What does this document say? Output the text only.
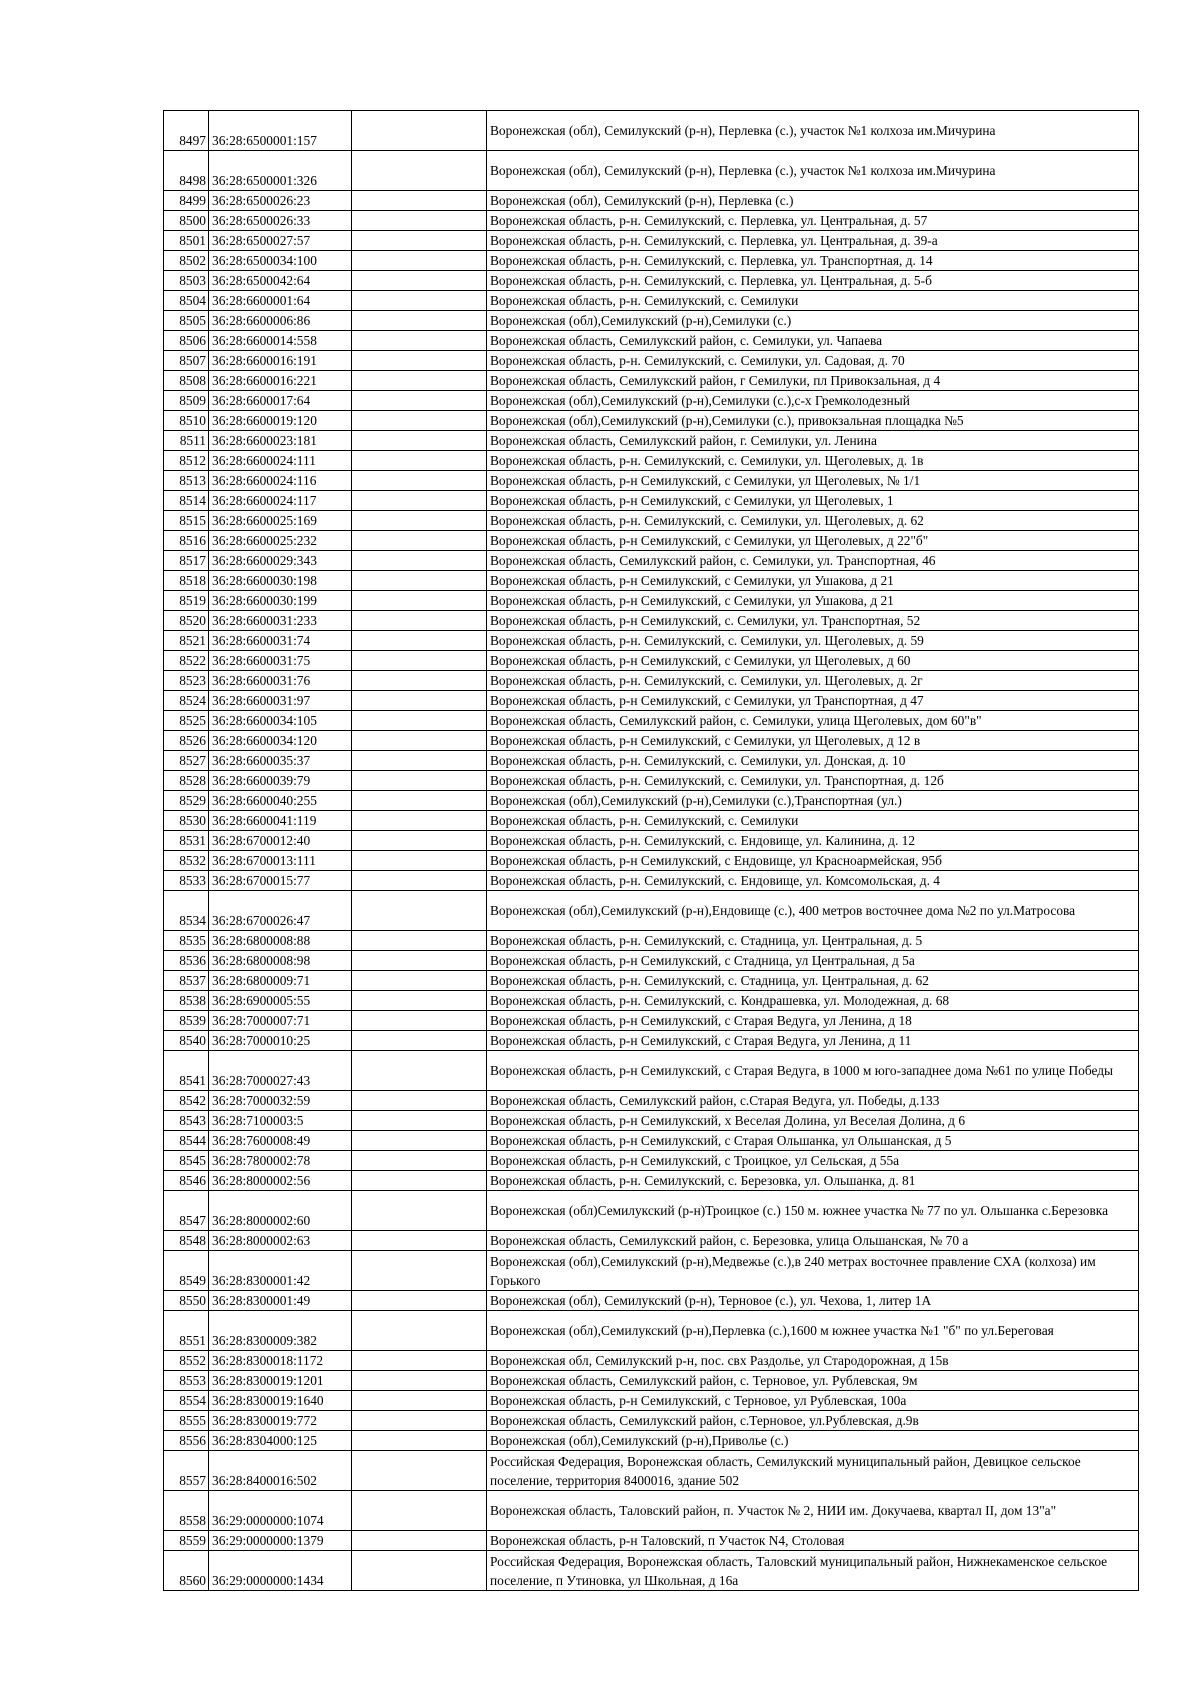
8497	36:28:6500001:157		Воронежская (обл), Семилукский (р-н), Перлевка (с.), участок №1 колхоза им.Мичурина
8498	36:28:6500001:326		Воронежская (обл), Семилукский (р-н), Перлевка (с.), участок №1 колхоза им.Мичурина
8499	36:28:6500026:23		Воронежская (обл), Семилукский (р-н), Перлевка (с.)
8500	36:28:6500026:33		Воронежская область, р-н. Семилукский, с. Перлевка, ул. Центральная, д. 57
8501	36:28:6500027:57		Воронежская область, р-н. Семилукский, с. Перлевка, ул. Центральная, д. 39-а
8502	36:28:6500034:100		Воронежская область, р-н. Семилукский, с. Перлевка, ул. Транспортная, д. 14
8503	36:28:6500042:64		Воронежская область, р-н. Семилукский, с. Перлевка, ул. Центральная, д. 5-б
8504	36:28:6600001:64		Воронежская область, р-н. Семилукский, с. Семилуки
8505	36:28:6600006:86		Воронежская (обл),Семилукский (р-н),Семилуки (с.)
8506	36:28:6600014:558		Воронежская область, Семилукский район, с. Семилуки, ул. Чапаева
8507	36:28:6600016:191		Воронежская область, р-н. Семилукский, с. Семилуки, ул. Садовая, д. 70
8508	36:28:6600016:221		Воронежская область, Семилукский район, г Семилуки, пл Привокзальная, д 4
8509	36:28:6600017:64		Воронежская (обл),Семилукский (р-н),Семилуки (с.),с-х Гремколодезный
8510	36:28:6600019:120		Воронежская (обл),Семилукский (р-н),Семилуки (с.), привокзальная площадка №5
8511	36:28:6600023:181		Воронежская область, Семилукский район, г. Семилуки, ул. Ленина
8512	36:28:6600024:111		Воронежская область, р-н. Семилукский, с. Семилуки, ул. Щеголевых, д. 1в
8513	36:28:6600024:116		Воронежская область, р-н Семилукский, с Семилуки, ул Щеголевых, № 1/1
8514	36:28:6600024:117		Воронежская область, р-н Семилукский, с Семилуки, ул Щеголевых, 1
8515	36:28:6600025:169		Воронежская область, р-н. Семилукский, с. Семилуки, ул. Щеголевых, д. 62
8516	36:28:6600025:232		Воронежская область, р-н Семилукский, с Семилуки, ул Щеголевых, д 22"б"
8517	36:28:6600029:343		Воронежская область, Семилукский район, с. Семилуки, ул. Транспортная, 46
8518	36:28:6600030:198		Воронежская область, р-н Семилукский, с Семилуки, ул Ушакова, д 21
8519	36:28:6600030:199		Воронежская область, р-н Семилукский, с Семилуки, ул Ушакова, д 21
8520	36:28:6600031:233		Воронежская область, р-н Семилукский, с. Семилуки, ул. Транспортная, 52
8521	36:28:6600031:74		Воронежская область, р-н. Семилукский, с. Семилуки, ул. Щеголевых, д. 59
8522	36:28:6600031:75		Воронежская область, р-н Семилукский, с Семилуки, ул Щеголевых, д 60
8523	36:28:6600031:76		Воронежская область, р-н. Семилукский, с. Семилуки, ул. Щеголевых, д. 2г
8524	36:28:6600031:97		Воронежская область, р-н Семилукский, с Семилуки, ул Транспортная, д 47
8525	36:28:6600034:105		Воронежская область, Семилукский район, с. Семилуки, улица Щеголевых, дом 60"в"
8526	36:28:6600034:120		Воронежская область, р-н Семилукский, с Семилуки, ул Щеголевых, д 12 в
8527	36:28:6600035:37		Воронежская область, р-н. Семилукский, с. Семилуки, ул. Донская, д. 10
8528	36:28:6600039:79		Воронежская область, р-н. Семилукский, с. Семилуки, ул. Транспортная, д. 12б
8529	36:28:6600040:255		Воронежская (обл),Семилукский (р-н),Семилуки (с.),Транспортная (ул.)
8530	36:28:6600041:119		Воронежская область, р-н. Семилукский, с. Семилуки
8531	36:28:6700012:40		Воронежская область, р-н. Семилукский, с. Ендовище, ул. Калинина, д. 12
8532	36:28:6700013:111		Воронежская область, р-н Семилукский, с Ендовище, ул Красноармейская, 95б
8533	36:28:6700015:77		Воронежская область, р-н. Семилукский, с. Ендовище, ул. Комсомольская, д. 4
8534	36:28:6700026:47		Воронежская (обл),Семилукский (р-н),Ендовище (с.), 400 метров восточнее дома №2 по ул.Матросова
8535	36:28:6800008:88		Воронежская область, р-н. Семилукский, с. Стадница, ул. Центральная, д. 5
8536	36:28:6800008:98		Воронежская область, р-н Семилукский, с Стадница, ул Центральная, д 5а
8537	36:28:6800009:71		Воронежская область, р-н. Семилукский, с. Стадница, ул. Центральная, д. 62
8538	36:28:6900005:55		Воронежская область, р-н. Семилукский, с. Кондрашевка, ул. Молодежная, д. 68
8539	36:28:7000007:71		Воронежская область, р-н Семилукский, с Старая Ведуга, ул Ленина, д 18
8540	36:28:7000010:25		Воронежская область, р-н Семилукский, с Старая Ведуга, ул Ленина, д 11
8541	36:28:7000027:43		Воронежская область, р-н Семилукский, с Старая Ведуга, в 1000 м юго-западнее дома №61 по улице Победы
8542	36:28:7000032:59		Воронежская область, Семилукский район, с.Старая Ведуга, ул. Победы, д.133
8543	36:28:7100003:5		Воронежская область, р-н Семилукский, х Веселая Долина, ул Веселая Долина, д 6
8544	36:28:7600008:49		Воронежская область, р-н Семилукский, с Старая Ольшанка, ул Ольшанская, д 5
8545	36:28:7800002:78		Воронежская область, р-н Семилукский, с Троицкое, ул Сельская, д 55а
8546	36:28:8000002:56		Воронежская область, р-н. Семилукский, с. Березовка, ул. Ольшанка, д. 81
8547	36:28:8000002:60		Воронежская (обл)Семилукский (р-н)Троицкое (с.) 150 м. южнее участка № 77 по ул. Ольшанка с.Березовка
8548	36:28:8000002:63		Воронежская область, Семилукский район, с. Березовка, улица Ольшанская, № 70 а
8549	36:28:8300001:42		Воронежская (обл),Семилукский (р-н),Медвежье (с.),в 240 метрах восточнее правление СХА (колхоза) им Горького
8550	36:28:8300001:49		Воронежская (обл), Семилукский (р-н), Терновое (с.), ул. Чехова, 1, литер 1А
8551	36:28:8300009:382		Воронежская (обл),Семилукский (р-н),Перлевка (с.),1600 м южнее участка №1 "б" по ул.Береговая
8552	36:28:8300018:1172		Воронежская обл, Семилукский р-н, пос. свх Раздолье, ул Стародорожная, д 15в
8553	36:28:8300019:1201		Воронежская область, Семилукский район, с. Терновое, ул. Рублевская, 9м
8554	36:28:8300019:1640		Воронежская область, р-н Семилукский, с Терновое, ул Рублевская, 100а
8555	36:28:8300019:772		Воронежская область, Семилукский район, с.Терновое, ул.Рублевская, д.9в
8556	36:28:8304000:125		Воронежская (обл),Семилукский (р-н),Приволье (с.)
8557	36:28:8400016:502		Российская Федерация, Воронежская область, Семилукский муниципальный район, Девицкое сельское поселение, территория 8400016, здание 502
8558	36:29:0000000:1074		Воронежская область, Таловский район, п. Участок № 2, НИИ им. Докучаева, квартал II, дом 13"а"
8559	36:29:0000000:1379		Воронежская область, р-н Таловский, п Участок N4, Столовая
8560	36:29:0000000:1434		Российская Федерация, Воронежская область, Таловский муниципальный район, Нижнекаменское сельское поселение, п Утиновка, ул Школьная, д 16а
